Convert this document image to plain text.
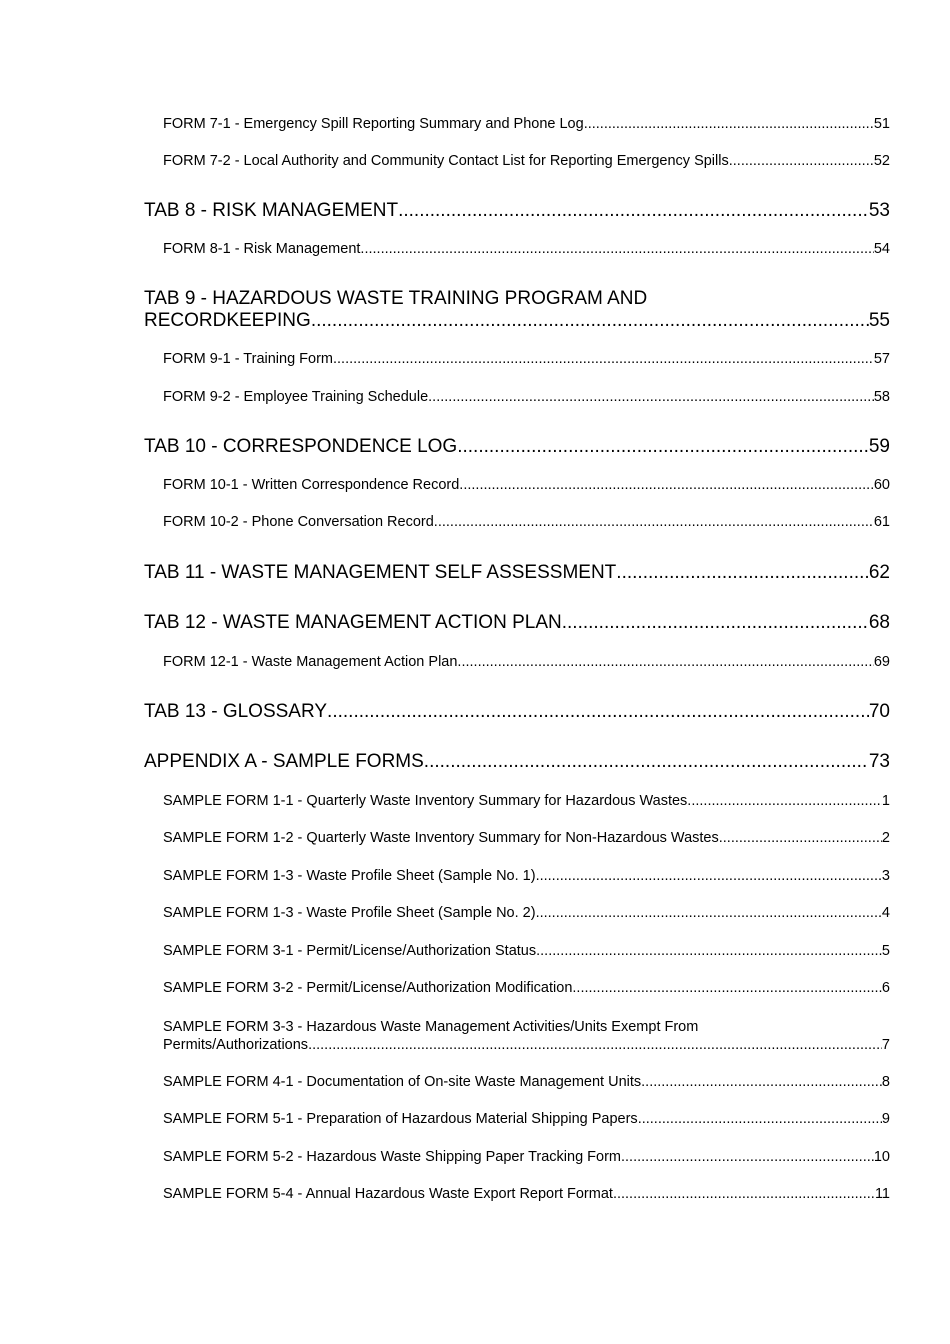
FORM 7-1 - Emergency Spill Reporting Summary and Phone Log .....	51
FORM 7-2 - Local Authority and Community Contact List for Reporting Emergency Spills .....	52
TAB 8 - RISK MANAGEMENT .....	53
FORM 8-1 - Risk Management .....	54
TAB 9 - HAZARDOUS WASTE TRAINING PROGRAM AND
RECORDKEEPING .....	55
FORM 9-1 - Training Form .....	57
FORM 9-2 - Employee Training Schedule .....	58
TAB 10 - CORRESPONDENCE LOG .....	59
FORM 10-1 - Written Correspondence Record .....	60
FORM 10-2 - Phone Conversation Record .....	61
TAB 11 - WASTE MANAGEMENT SELF ASSESSMENT .....	62
TAB 12 - WASTE MANAGEMENT ACTION PLAN .....	68
FORM 12-1 - Waste Management Action Plan .....	69
TAB 13 - GLOSSARY .....	70
APPENDIX A - SAMPLE FORMS .....	73
SAMPLE FORM 1-1 - Quarterly Waste Inventory Summary for Hazardous Wastes .....	1
SAMPLE FORM 1-2 - Quarterly Waste Inventory Summary for Non-Hazardous Wastes .....	2
SAMPLE FORM 1-3 - Waste Profile Sheet (Sample No. 1) .....	3
SAMPLE FORM 1-3 - Waste Profile Sheet (Sample No. 2) .....	4
SAMPLE FORM 3-1 - Permit/License/Authorization Status .....	5
SAMPLE FORM 3-2 - Permit/License/Authorization Modification .....	6
SAMPLE FORM 3-3 - Hazardous Waste Management Activities/Units Exempt From
Permits/Authorizations .....	7
SAMPLE FORM 4-1 - Documentation of On-site Waste Management Units .....	8
SAMPLE FORM 5-1 - Preparation of Hazardous Material Shipping Papers .....	9
SAMPLE FORM 5-2 - Hazardous Waste Shipping Paper Tracking Form .....	10
SAMPLE FORM 5-4 - Annual Hazardous Waste Export Report Format .....	11
